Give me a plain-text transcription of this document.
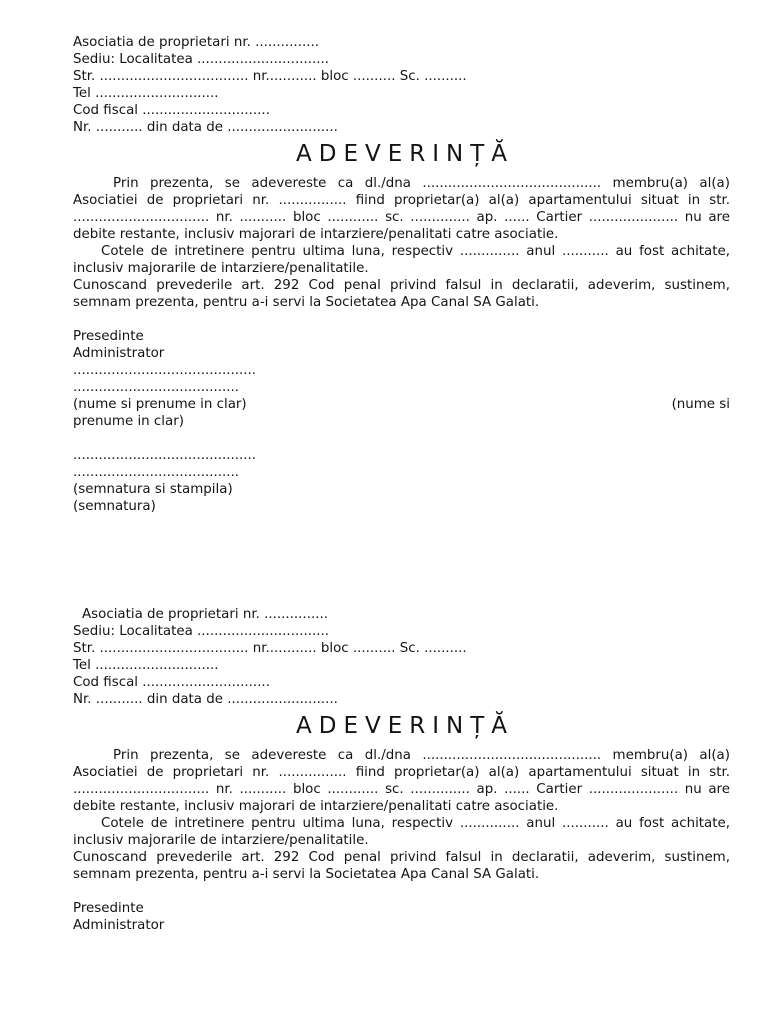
Asociatia de proprietari nr. ...............
Sediu: Localitatea ...............................
Str. ................................... nr............ bloc .......... Sc. ..........
Tel .............................
Cod fiscal ..............................
Nr. ........... din data de ..........................
ADEVERINȚĂ

Prin prezenta, se adevereste ca dl./dna .......................................... membru(a) al(a) Asociatiei de proprietari nr. ................ fiind proprietar(a) al(a) apartamentului situat in str. ................................ nr. ........... bloc ............ sc. .............. ap. ...... Cartier ..................... nu are debite restante, inclusiv majorari de intarziere/penalitati catre asociatie.

Cotele de intretinere pentru ultima luna, respectiv .............. anul ........... au fost achitate, inclusiv majorarile de intarziere/penalitatile.

Cunoscand prevederile art. 292 Cod penal privind falsul in declaratii, adeverim, sustinem, semnam prezenta, pentru a-i servi la Societatea Apa Canal SA Galati.

Presedinte
Administrator
...........................................
.......................................
(nume si prenume in clar)	(nume si
prenume in clar)
...........................................
.......................................
(semnatura si stampila)
(semnatura)
Asociatia de proprietari nr. ...............
Sediu: Localitatea ...............................
Str. ................................... nr............ bloc .......... Sc. ..........
Tel .............................
Cod fiscal ..............................
Nr. ........... din data de ..........................
ADEVERINȚĂ

Prin prezenta, se adevereste ca dl./dna .......................................... membru(a) al(a) Asociatiei de proprietari nr. ................ fiind proprietar(a) al(a) apartamentului situat in str. ................................ nr. ........... bloc ............ sc. .............. ap. ...... Cartier ..................... nu are debite restante, inclusiv majorari de intarziere/penalitati catre asociatie.

Cotele de intretinere pentru ultima luna, respectiv .............. anul ........... au fost achitate, inclusiv majorarile de intarziere/penalitatile.

Cunoscand prevederile art. 292 Cod penal privind falsul in declaratii, adeverim, sustinem, semnam prezenta, pentru a-i servi la Societatea Apa Canal SA Galati.

Presedinte
Administrator
